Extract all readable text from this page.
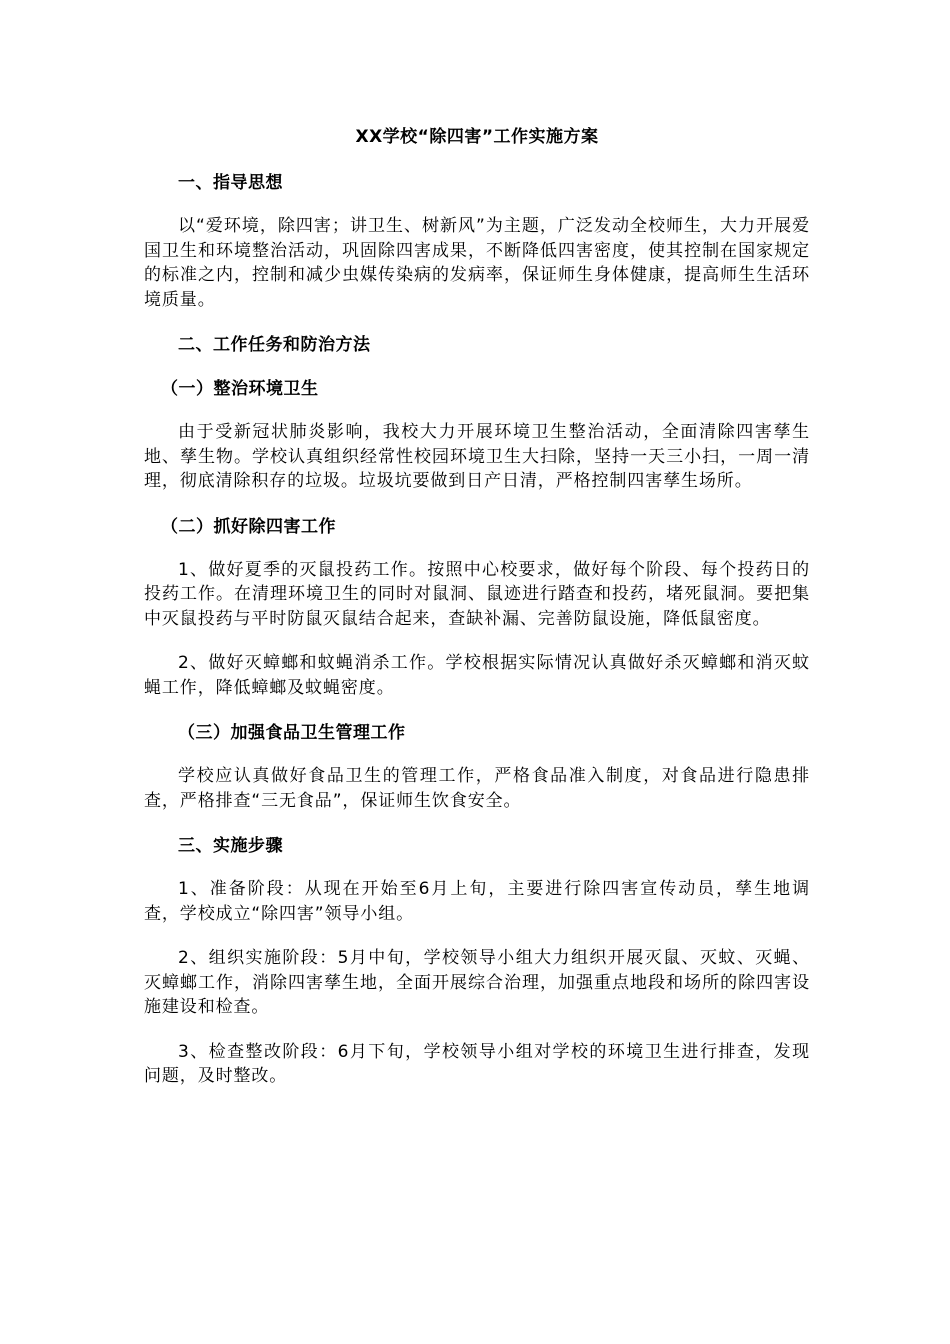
XX学校“除四害”工作实施方案
一、指导思想

以“爱环境，除四害；讲卫生、树新风”为主题，广泛发动全校师生，大力开展爱国卫生和环境整治活动，巩固除四害成果，不断降低四害密度，使其控制在国家规定的标准之内，控制和减少虫媒传染病的发病率，保证师生身体健康，提高师生生活环境质量。

二、工作任务和防治方法
（一）整治环境卫生

由于受新冠状肺炎影响，我校大力开展环境卫生整治活动，全面清除四害孳生地、孳生物。学校认真组织经常性校园环境卫生大扫除，坚持一天三小扫，一周一清理，彻底清除积存的垃圾。垃圾坑要做到日产日清，严格控制四害孳生场所。

（二）抓好除四害工作

1、做好夏季的灭鼠投药工作。按照中心校要求，做好每个阶段、每个投药日的投药工作。在清理环境卫生的同时对鼠洞、鼠迹进行踏查和投药，堵死鼠洞。要把集中灭鼠投药与平时防鼠灭鼠结合起来，查缺补漏、完善防鼠设施，降低鼠密度。

2、做好灭蟑螂和蚊蝇消杀工作。学校根据实际情况认真做好杀灭蟑螂和消灭蚊蝇工作，降低蟑螂及蚊蝇密度。

（三）加强食品卫生管理工作

学校应认真做好食品卫生的管理工作，严格食品准入制度，对食品进行隐患排查，严格排查“三无食品”，保证师生饮食安全。

三、实施步骤

1、准备阶段：从现在开始至6月上旬，主要进行除四害宣传动员，孳生地调查，学校成立“除四害”领导小组。

2、组织实施阶段：5月中旬，学校领导小组大力组织开展灭鼠、灭蚊、灭蝇、灭蟑螂工作，消除四害孳生地，全面开展综合治理，加强重点地段和场所的除四害设施建设和检查。

3、检查整改阶段：6月下旬，学校领导小组对学校的环境卫生进行排查，发现问题，及时整改。
